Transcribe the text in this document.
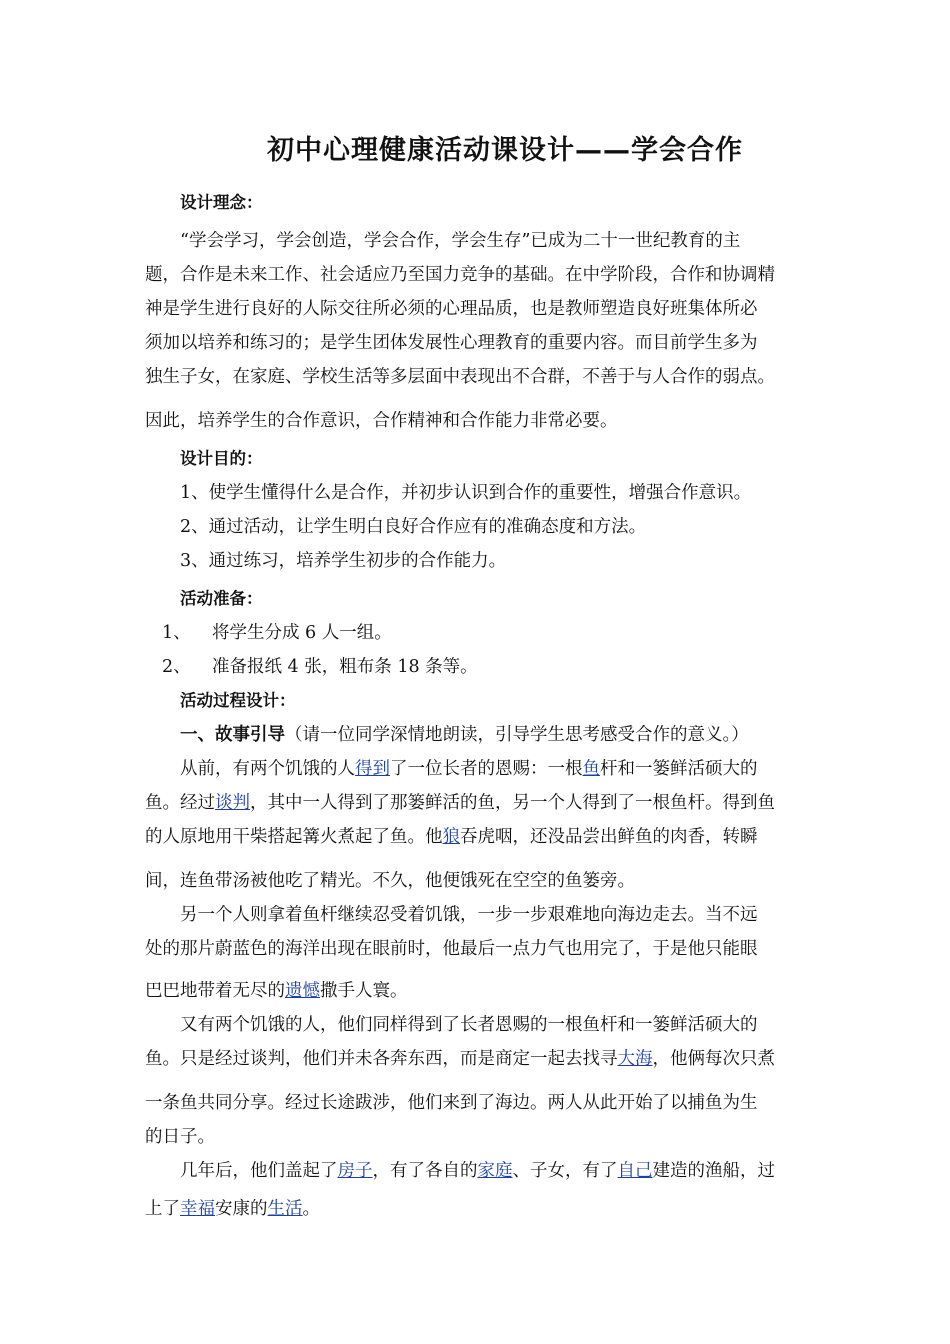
初中心理健康活动课设计——学会合作
设计理念：
“学会学习，学会创造，学会合作，学会生存”已成为二十一世纪教育的主
题，合作是未来工作、社会适应乃至国力竞争的基础。在中学阶段，合作和协调精
神是学生进行良好的人际交往所必须的心理品质，也是教师塑造良好班集体所必
须加以培养和练习的；是学生团体发展性心理教育的重要内容。而目前学生多为
独生子女，在家庭、学校生活等多层面中表现出不合群，不善于与人合作的弱点。
因此，培养学生的合作意识，合作精神和合作能力非常必要。
设计目的：
1、使学生懂得什么是合作，并初步认识到合作的重要性，增强合作意识。
2、通过活动，让学生明白良好合作应有的准确态度和方法。
3、通过练习，培养学生初步的合作能力。
活动准备：
1、 将学生分成 6 人一组。
2、 准备报纸 4 张，粗布条 18 条等。
活动过程设计：
一、故事引导（请一位同学深情地朗读，引导学生思考感受合作的意义。）
从前，有两个饥饿的人得到了一位长者的恩赐：一根鱼杆和一篓鲜活硕大的
鱼。经过谈判，其中一人得到了那篓鲜活的鱼，另一个人得到了一根鱼杆。得到鱼
的人原地用干柴搭起篝火煮起了鱼。他狼吞虎咽，还没品尝出鲜鱼的肉香，转瞬
间，连鱼带汤被他吃了精光。不久，他便饿死在空空的鱼篓旁。
另一个人则拿着鱼杆继续忍受着饥饿，一步一步艰难地向海边走去。当不远
处的那片蔚蓝色的海洋出现在眼前时，他最后一点力气也用完了，于是他只能眼
巴巴地带着无尽的遗憾撒手人寰。
又有两个饥饿的人，他们同样得到了长者恩赐的一根鱼杆和一篓鲜活硕大的
鱼。只是经过谈判，他们并未各奔东西，而是商定一起去找寻大海，他俩每次只煮
一条鱼共同分享。经过长途跋涉，他们来到了海边。两人从此开始了以捕鱼为生
的日子。
几年后，他们盖起了房子，有了各自的家庭、子女，有了自己建造的渔船，过
上了幸福安康的生活。
